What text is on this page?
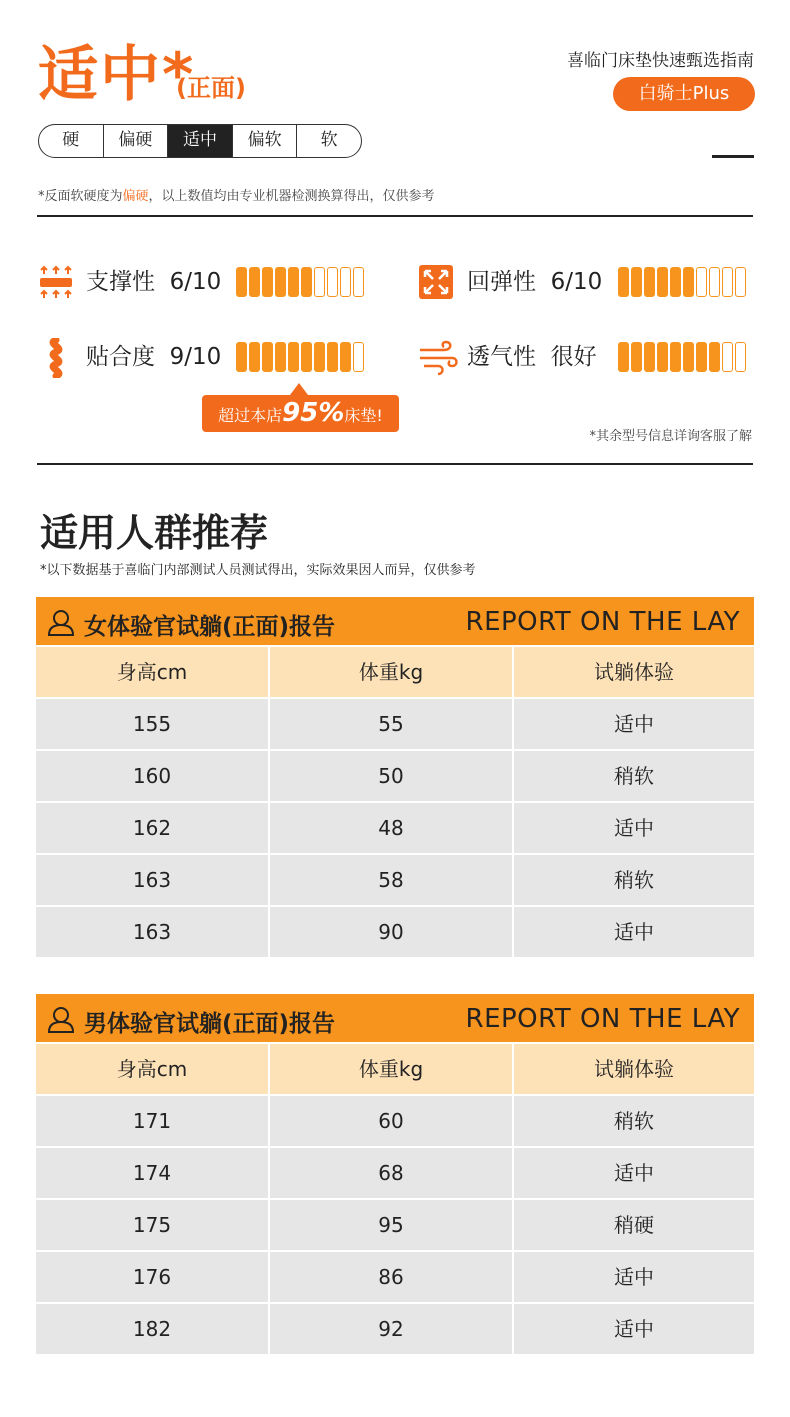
适中*
(正面)
喜临门床垫快速甄选指南
白骑士Plus
硬	偏硬	适中	偏软	软
*反面软硬度为偏硬，以上数值均由专业机器检测换算得出，仅供参考
支撑性 6/10	回弹性 6/10
贴合度 9/10	透气性 很好
超过本店95%床垫!
*其余型号信息详询客服了解
适用人群推荐
*以下数据基于喜临门内部测试人员测试得出，实际效果因人而异，仅供参考
女体验官试躺(正面)报告	REPORT ON THE LAY
身高cm	体重kg	试躺体验
155	55	适中
160	50	稍软
162	48	适中
163	58	稍软
163	90	适中
男体验官试躺(正面)报告	REPORT ON THE LAY
身高cm	体重kg	试躺体验
171	60	稍软
174	68	适中
175	95	稍硬
176	86	适中
182	92	适中
